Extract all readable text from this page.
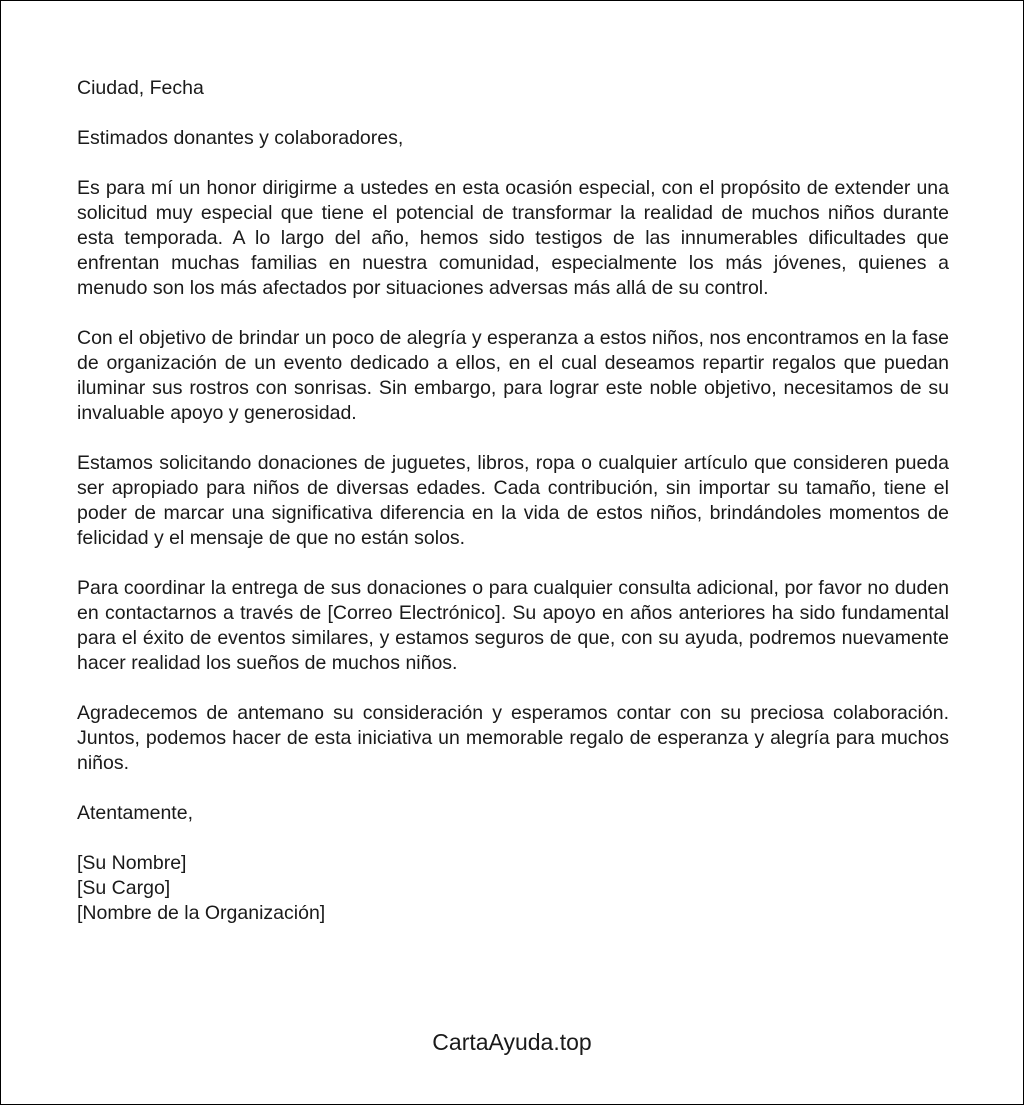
Ciudad, Fecha

Estimados donantes y colaboradores,

Es para mí un honor dirigirme a ustedes en esta ocasión especial, con el propósito de extender una solicitud muy especial que tiene el potencial de transformar la realidad de muchos niños durante esta temporada. A lo largo del año, hemos sido testigos de las innumerables dificultades que enfrentan muchas familias en nuestra comunidad, especialmente los más jóvenes, quienes a menudo son los más afectados por situaciones adversas más allá de su control.

Con el objetivo de brindar un poco de alegría y esperanza a estos niños, nos encontramos en la fase de organización de un evento dedicado a ellos, en el cual deseamos repartir regalos que puedan iluminar sus rostros con sonrisas. Sin embargo, para lograr este noble objetivo, necesitamos de su invaluable apoyo y generosidad.

Estamos solicitando donaciones de juguetes, libros, ropa o cualquier artículo que consideren pueda ser apropiado para niños de diversas edades. Cada contribución, sin importar su tamaño, tiene el poder de marcar una significativa diferencia en la vida de estos niños, brindándoles momentos de felicidad y el mensaje de que no están solos.

Para coordinar la entrega de sus donaciones o para cualquier consulta adicional, por favor no duden en contactarnos a través de [Correo Electrónico]. Su apoyo en años anteriores ha sido fundamental para el éxito de eventos similares, y estamos seguros de que, con su ayuda, podremos nuevamente hacer realidad los sueños de muchos niños.

Agradecemos de antemano su consideración y esperamos contar con su preciosa colaboración. Juntos, podemos hacer de esta iniciativa un memorable regalo de esperanza y alegría para muchos niños.

Atentamente,

[Su Nombre]
[Su Cargo]
[Nombre de la Organización]
CartaAyuda.top
